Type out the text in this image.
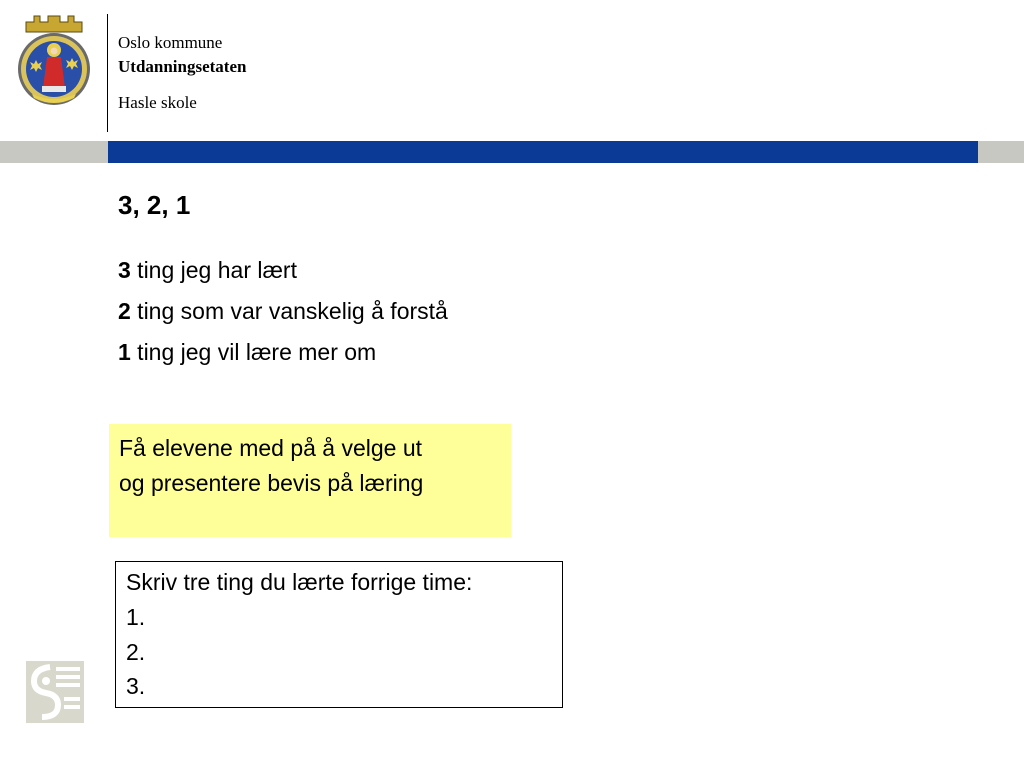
Oslo kommune
Utdanningsetaten
Hasle skole
3, 2, 1
3 ting jeg har lært
2 ting som var vanskelig å forstå
1 ting jeg vil lære mer om
Få elevene med på å velge ut
og presentere bevis på læring
Skriv tre ting du lærte forrige time:
1.
2.
3.
